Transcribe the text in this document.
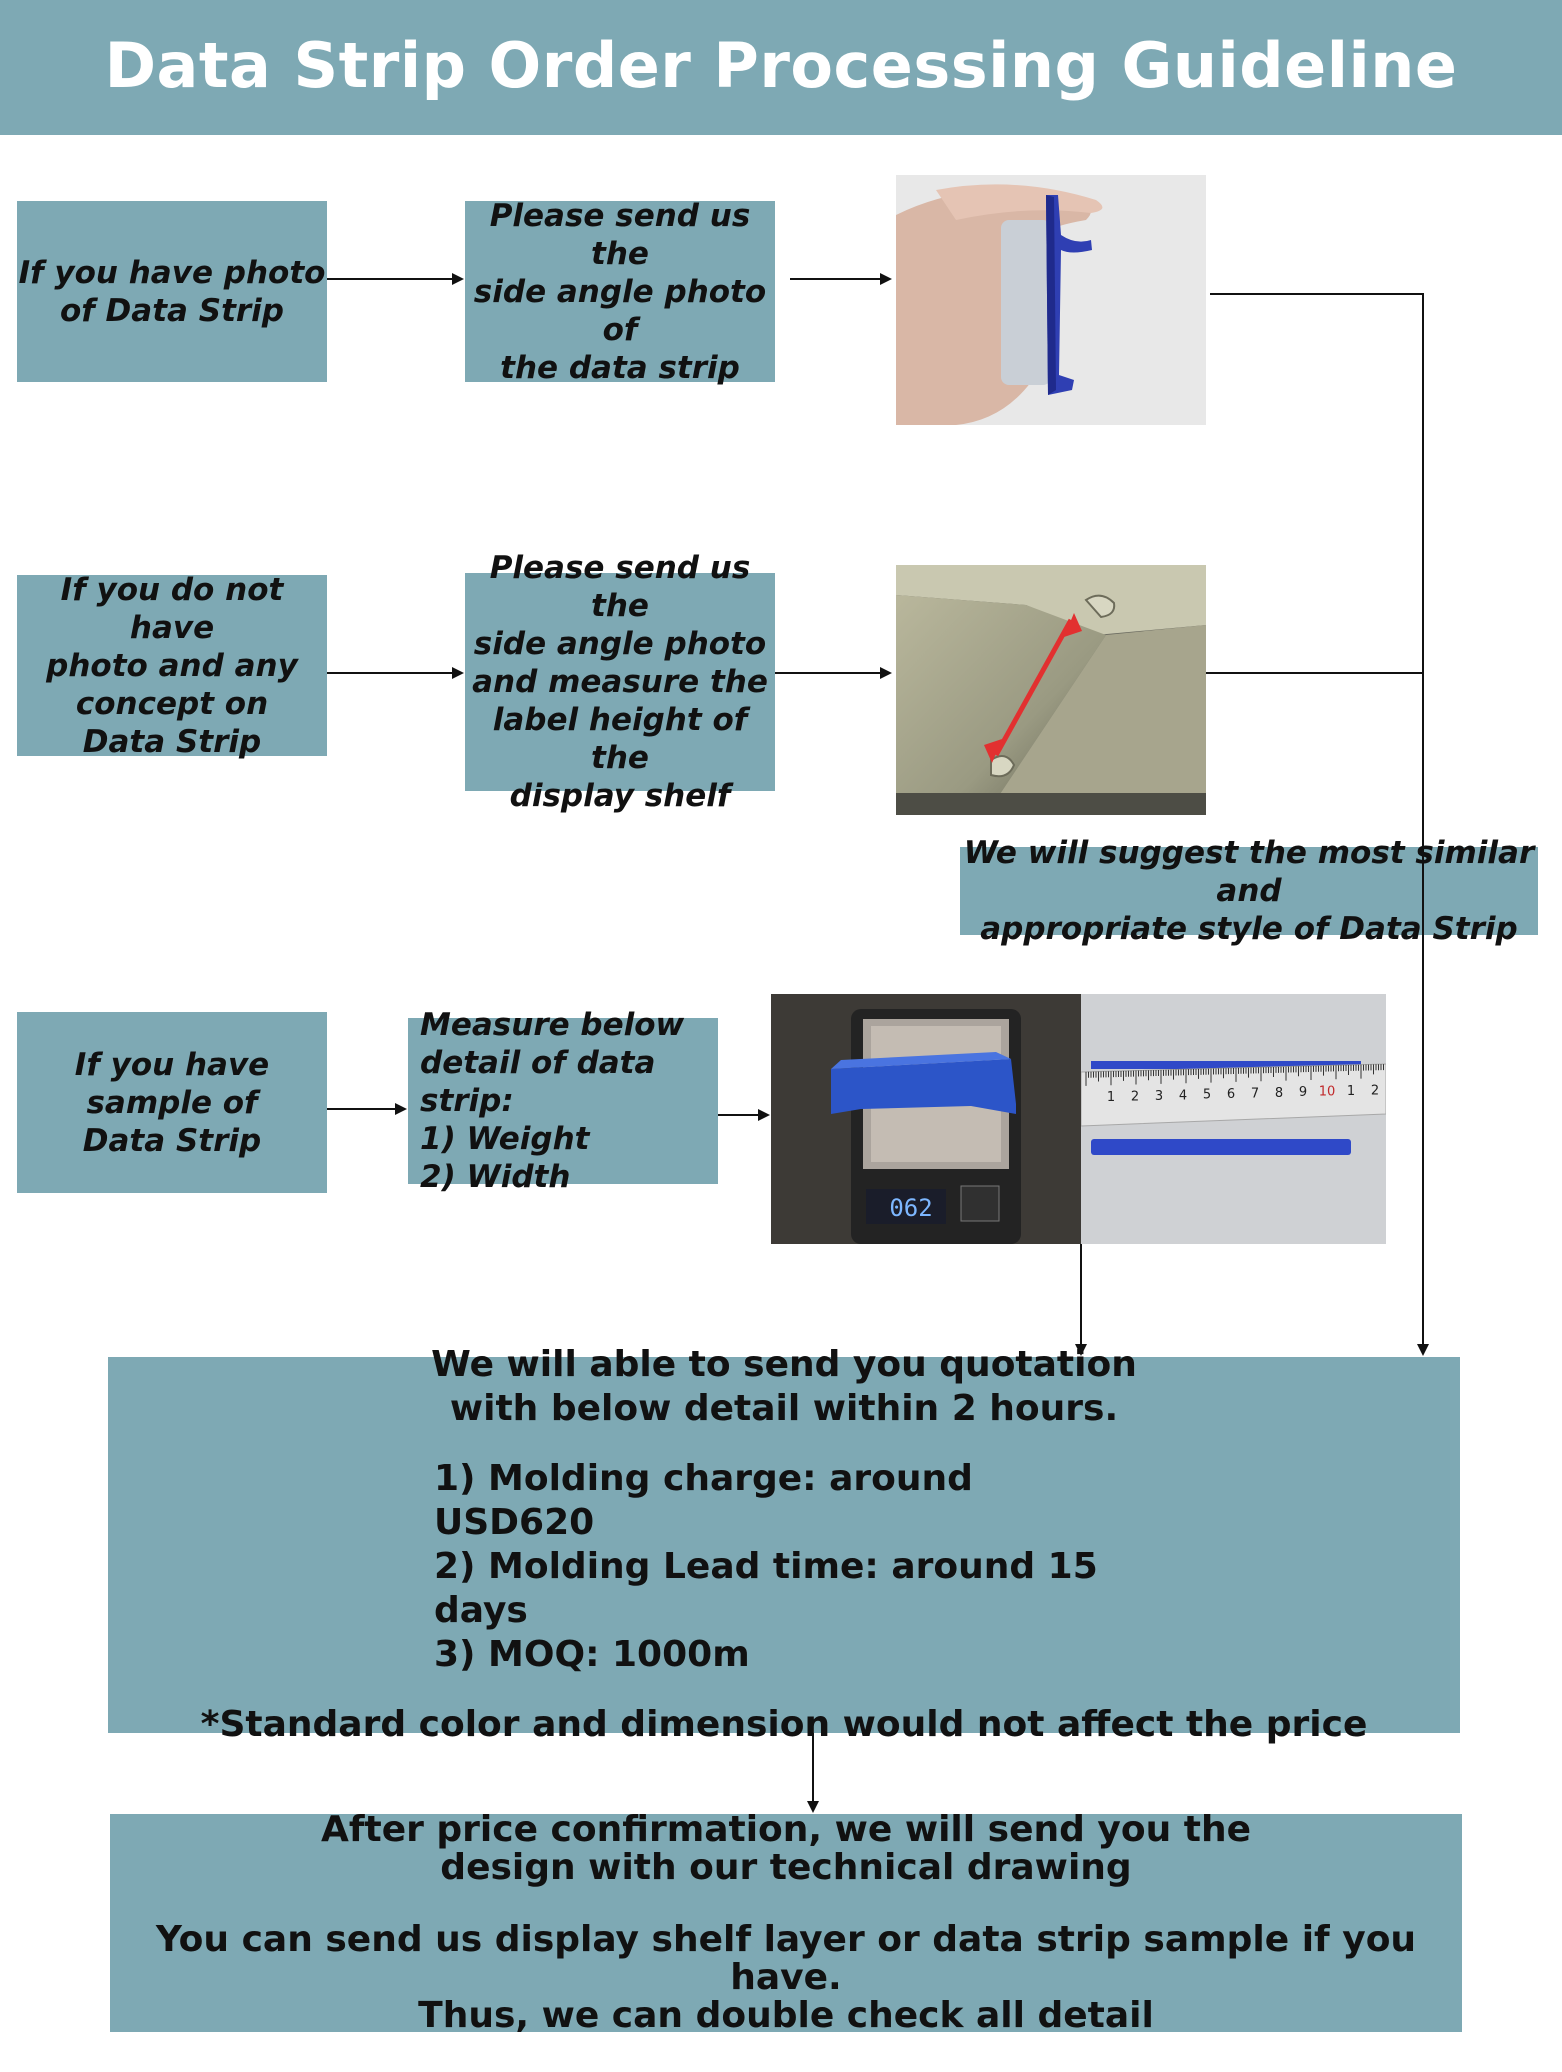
Data Strip Order Processing Guideline
If you have photo
of Data Strip
Please send us the
side angle photo of
the data strip
If you do not have
photo and any
concept on
Data Strip
Please send us the
side angle photo
and measure the
label height of the
display shelf
We will suggest the most similar and
appropriate style of Data Strip
If you have
sample of
Data Strip
Measure below
detail of data strip:
1) Weight
2) Width
062
1 2 3 4 5 6 7 8 9 10 1 2
We will able to send you quotation
with below detail within 2 hours.
1) Molding charge: around USD620
2) Molding Lead time: around 15 days
3) MOQ: 1000m
*Standard color and dimension would not affect the price
After price confirmation, we will send you the
design with our technical drawing
You can send us display shelf layer or data strip sample if you have.
Thus, we can double check all detail
